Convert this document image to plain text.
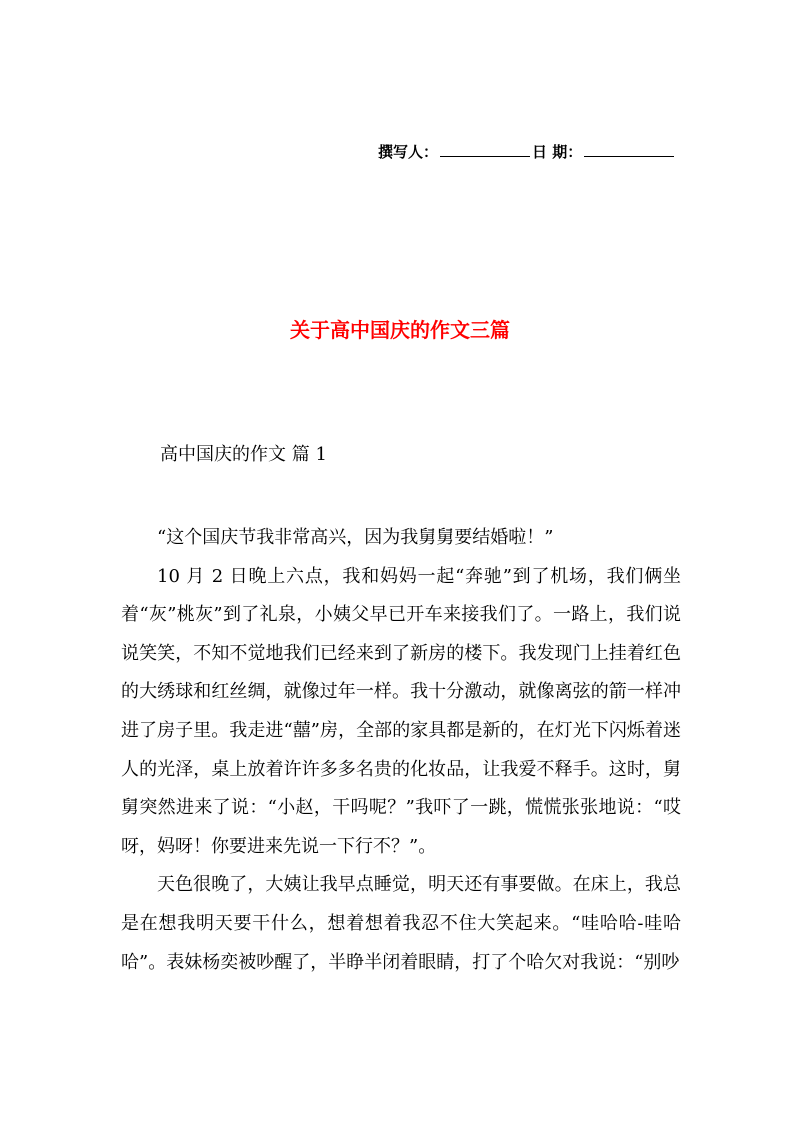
撰写人：	日 期：
关于高中国庆的作文三篇
高中国庆的作文 篇 1

“这个国庆节我非常高兴，因为我舅舅要结婚啦！”

10 月 2 日晚上六点，我和妈妈一起“奔驰”到了机场，我们俩坐着“灰”桃灰”到了礼泉，小姨父早已开车来接我们了。一路上，我们说说笑笑，不知不觉地我们已经来到了新房的楼下。我发现门上挂着红色的大绣球和红丝绸，就像过年一样。我十分激动，就像离弦的箭一样冲进了房子里。我走进“囍”房，全部的家具都是新的，在灯光下闪烁着迷人的光泽，桌上放着许许多多名贵的化妆品，让我爱不释手。这时，舅舅突然进来了说：“小赵，干吗呢？”我吓了一跳，慌慌张张地说：“哎呀，妈呀！你要进来先说一下行不？”。

天色很晚了，大姨让我早点睡觉，明天还有事要做。在床上，我总是在想我明天要干什么，想着想着我忍不住大笑起来。“哇哈哈-哇哈哈”。表妹杨奕被吵醒了，半睁半闭着眼睛，打了个哈欠对我说：“别吵
